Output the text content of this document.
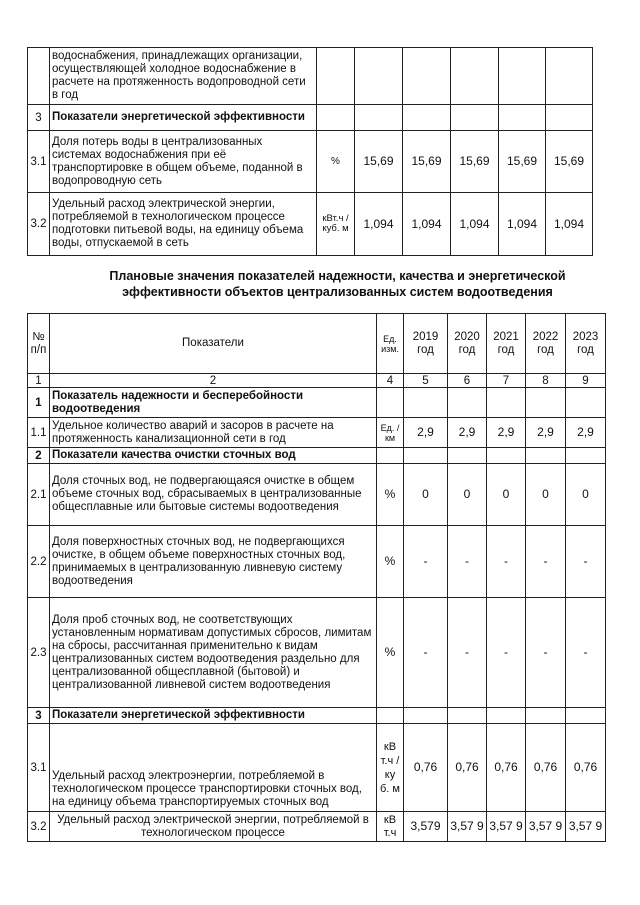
	водоснабжения, принадлежащих организации, осуществляющей холодное водоснабжение в расчете на протяженность водопроводной сети в год						
3	Показатели энергетической эффективности						
3.1	Доля потерь воды в централизованных системах водоснабжения при её транспортировке в общем объеме, поданной в водопроводную сеть	%	15,69	15,69	15,69	15,69	15,69
3.2	Удельный расход электрической энергии, потребляемой в технологическом процессе подготовки питьевой воды, на единицу объема воды, отпускаемой в сеть	кВт.ч / куб. м	1,094	1,094	1,094	1,094	1,094
Плановые значения показателей надежности, качества и энергетической эффективности объектов централизованных систем водоотведения
№ п/п	Показатели	Ед. изм.	2019 год	2020 год	2021 год	2022 год	2023 год
1	2	4	5	6	7	8	9
1	Показатель надежности и бесперебойности водоотведения						
1.1	Удельное количество аварий и засоров в расчете на протяженность канализационной сети в год	Ед. / км	2,9	2,9	2,9	2,9	2,9
2	Показатели качества очистки сточных вод						
2.1	Доля сточных вод, не подвергающаяся очистке в общем объеме сточных вод, сбрасываемых в централизованные общесплавные или бытовые системы водоотведения	%	0	0	0	0	0
2.2	Доля поверхностных сточных вод, не подвергающихся очистке, в общем объеме поверхностных сточных вод, принимаемых в централизованную ливневую систему водоотведения	%	-	-	-	-	-
2.3	Доля проб сточных вод, не соответствующих установленным нормативам допустимых сбросов, лимитам на сбросы, рассчитанная применительно к видам централизованных систем водоотведения раздельно для централизованной общесплавной (бытовой) и централизованной ливневой систем водоотведения	%	-	-	-	-	-
3	Показатели энергетической эффективности						
3.1	Удельный расход электроэнергии, потребляемой в технологическом процессе транспортировки сточных вод, на единицу объема транспортируемых сточных вод	кВ т.ч / ку б. м	0,76	0,76	0,76	0,76	0,76
3.2	Удельный расход электрической энергии, потребляемой в технологическом процессе	кВ т.ч	3,579	3,57 9	3,57 9	3,57 9	3,57 9
